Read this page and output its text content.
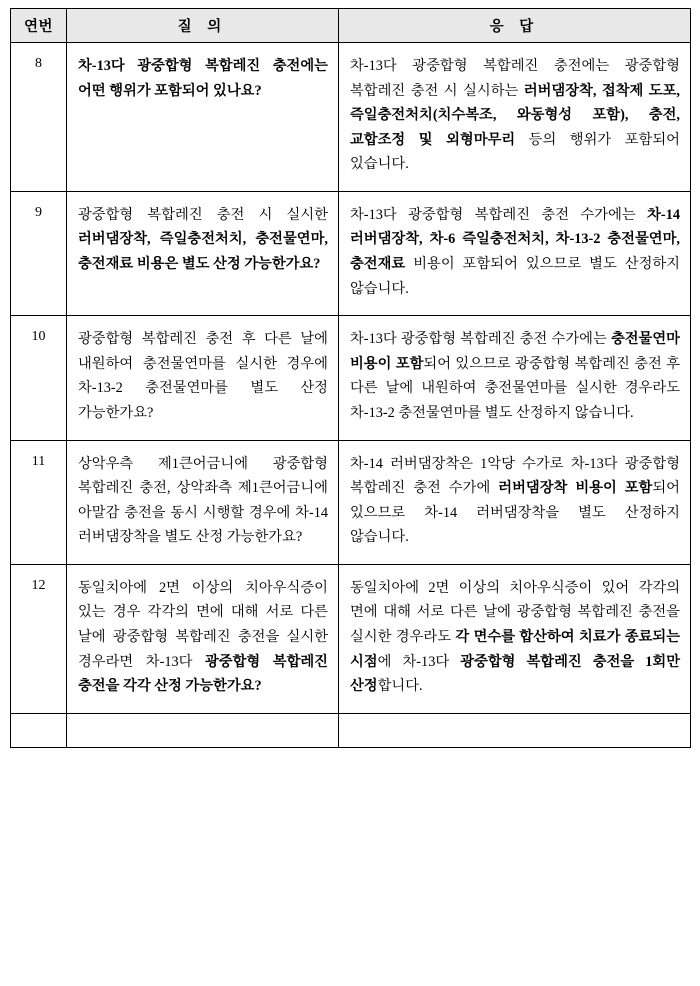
연번	질 의	응 답
8	차-13다 광중합형 복합레진 충전에는 어떤 행위가 포함되어 있나요?	차-13다 광중합형 복합레진 충전에는 광중합형 복합레진 충전 시 실시하는 러버댐장착, 접착제 도포, 즉일충전처치(치수복조, 와동형성 포함), 충전, 교합조정 및 외형마무리 등의 행위가 포함되어 있습니다.

9	광중합형 복합레진 충전 시 실시한 러버댐장착, 즉일충전처치, 충전물연마, 충전재료 비용은 별도 산정 가능한가요?	차-13다 광중합형 복합레진 충전 수가에는 차-14 러버댐장착, 차-6 즉일충전처치, 차-13-2 충전물연마, 충전재료 비용이 포함되어 있으므로 별도 산정하지 않습니다.

10	광중합형 복합레진 충전 후 다른 날에 내원하여 충전물연마를 실시한 경우에 차-13-2 충전물연마를 별도 산정 가능한가요?	차-13다 광중합형 복합레진 충전 수가에는 충전물연마 비용이 포함되어 있으므로 광중합형 복합레진 충전 후 다른 날에 내원하여 충전물연마를 실시한 경우라도 차-13-2 충전물연마를 별도 산정하지 않습니다.

11	상악우측 제1큰어금니에 광중합형 복합레진 충전, 상악좌측 제1큰어금니에 아말감 충전을 동시 시행할 경우에 차-14 러버댐장착을 별도 산정 가능한가요?	차-14 러버댐장착은 1악당 수가로 차-13다 광중합형 복합레진 충전 수가에 러버댐장착 비용이 포함되어 있으므로 차-14 러버댐장착을 별도 산정하지 않습니다.

12	동일치아에 2면 이상의 치아우식증이 있는 경우 각각의 면에 대해 서로 다른 날에 광중합형 복합레진 충전을 실시한 경우라면 차-13다 광중합형 복합레진 충전을 각각 산정 가능한가요?	동일치아에 2면 이상의 치아우식증이 있어 각각의 면에 대해 서로 다른 날에 광중합형 복합레진 충전을 실시한 경우라도 각 면수를 합산하여 치료가 종료되는 시점에 차-13다 광중합형 복합레진 충전을 1회만 산정합니다.
